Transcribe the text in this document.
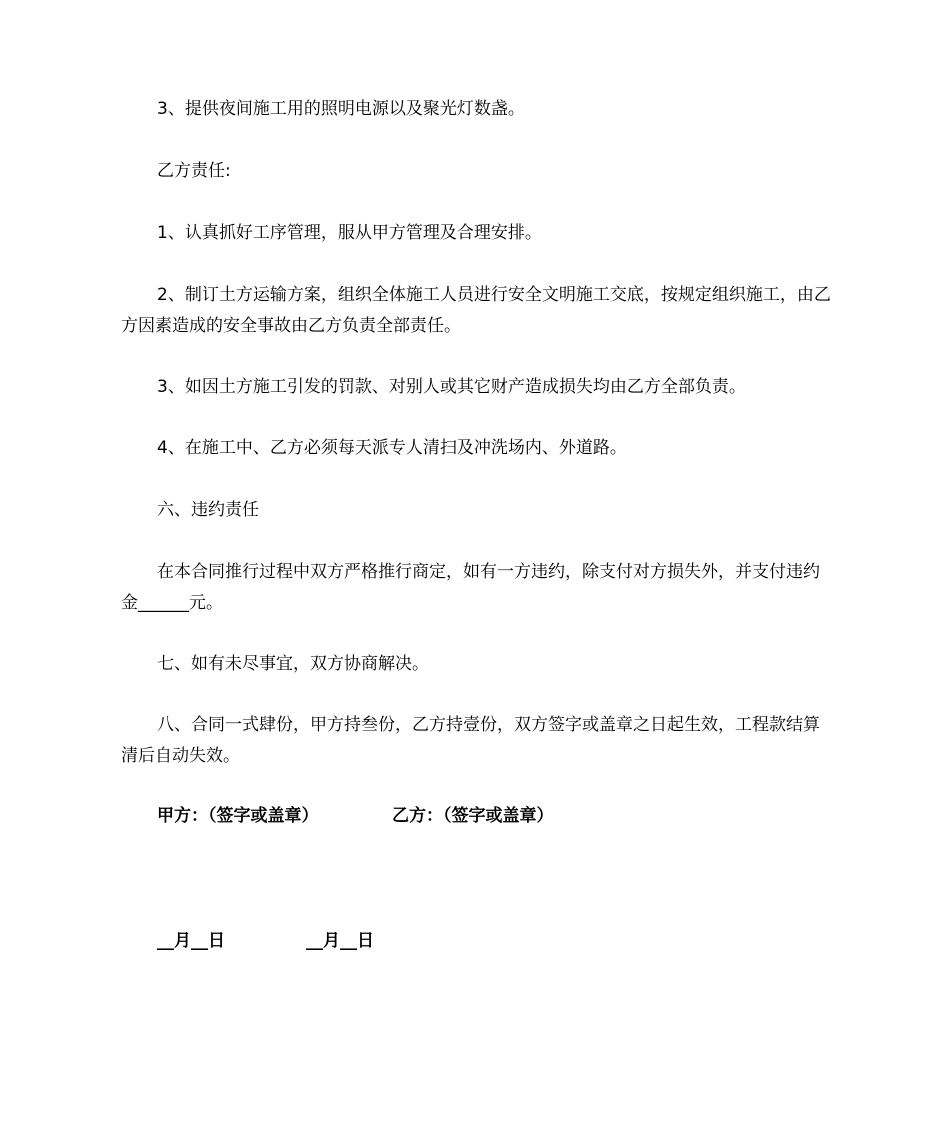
3、提供夜间施工用的照明电源以及聚光灯数盏。

乙方责任:

1、认真抓好工序管理，服从甲方管理及合理安排。

2、制订土方运输方案，组织全体施工人员进行安全文明施工交底，按规定组织施工，由乙方因素造成的安全事故由乙方负责全部责任。

3、如因土方施工引发的罚款、对别人或其它财产造成损失均由乙方全部负责。

4、在施工中、乙方必须每天派专人清扫及冲洗场内、外道路。

六、违约责任

在本合同推行过程中双方严格推行商定，如有一方违约，除支付对方损失外，并支付违约金______元。

七、如有未尽事宜，双方协商解决。

八、合同一式肆份，甲方持叁份，乙方持壹份，双方签字或盖章之日起生效，工程款结算清后自动失效。

甲方：（签字或盖章）	乙方：（签字或盖章）
__月__日	__月__日
